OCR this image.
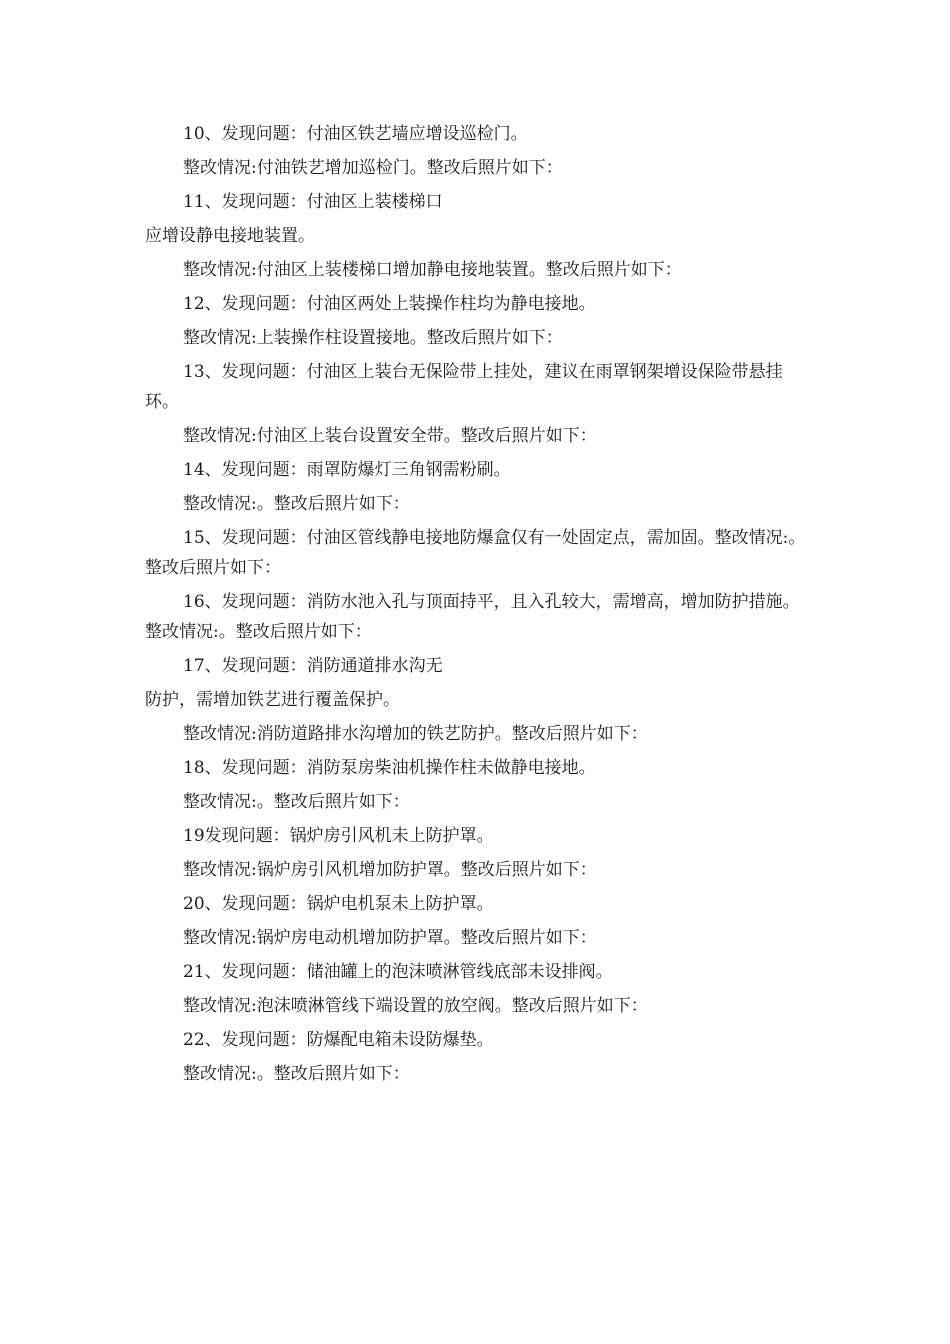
10、发现问题：付油区铁艺墙应增设巡检门。

整改情况:付油铁艺增加巡检门。整改后照片如下：

11、发现问题：付油区上装楼梯口

应增设静电接地装置。

整改情况:付油区上装楼梯口增加静电接地装置。整改后照片如下：

12、发现问题：付油区两处上装操作柱均为静电接地。

整改情况:上装操作柱设置接地。整改后照片如下：

13、发现问题：付油区上装台无保险带上挂处，建议在雨罩钢架增设保险带悬挂环。

整改情况:付油区上装台设置安全带。整改后照片如下：

14、发现问题：雨罩防爆灯三角钢需粉刷。

整改情况:。整改后照片如下：

15、发现问题：付油区管线静电接地防爆盒仅有一处固定点，需加固。整改情况:。整改后照片如下：

16、发现问题：消防水池入孔与顶面持平，且入孔较大，需增高，增加防护措施。整改情况:。整改后照片如下：

17、发现问题：消防通道排水沟无

防护，需增加铁艺进行覆盖保护。

整改情况:消防道路排水沟增加的铁艺防护。整改后照片如下：

18、发现问题：消防泵房柴油机操作柱未做静电接地。

整改情况:。整改后照片如下：

19发现问题：锅炉房引风机未上防护罩。

整改情况:锅炉房引风机增加防护罩。整改后照片如下：

20、发现问题：锅炉电机泵未上防护罩。

整改情况:锅炉房电动机增加防护罩。整改后照片如下：

21、发现问题：储油罐上的泡沫喷淋管线底部未设排阀。

整改情况:泡沫喷淋管线下端设置的放空阀。整改后照片如下：

22、发现问题：防爆配电箱未设防爆垫。

整改情况:。整改后照片如下：
